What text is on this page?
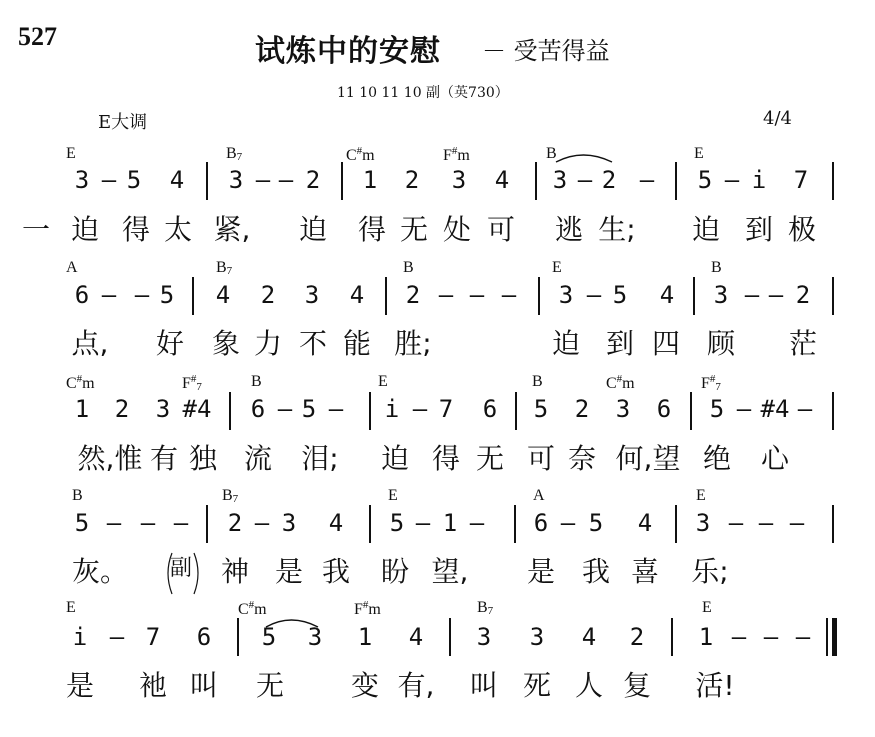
527	试炼中的安慰 － 受苦得益
11 10 11 10 副（英730）
E大调	4/4
E	$B_7$	C#m	F#m	B	E
3 – 5 4 3 – – 2 1 2 3 4 3 – 2 – 5 – i 7
一 迫 得 太 紧, 迫 得 无 处 可 逃 生; 迫 到 极
A	$B_7$	B	E	B
6 – – 5 4 2 3 4 2 – – – 3 – 5 4 3 – – 2
点, 好 象 力 不 能 胜;	迫 到 四 顾 茫
C#m	$F^{\#}_7$	B	E	B	C#m	$F^{\#}_7$
1 2 3 #4 6 – 5 – i – 7 6 5 2 3 6 5 – #4 –
然,惟 有 独 流 泪; 迫 得 无 可 奈 何,望 绝 心
B	$B_7$	E	A	E
5 – – – 2 – 3 4 5 – 1 – 6 – 5 4 3 – – –
灰。 副 神 是 我 盼 望, 是 我 喜 乐;
E	C#m	F#m	$B_7$	E
i – 7 6 5 3 1 4 3 3 4 2 1 – – –
是 衪 叫 无 变 有, 叫 死 人 复 活!
